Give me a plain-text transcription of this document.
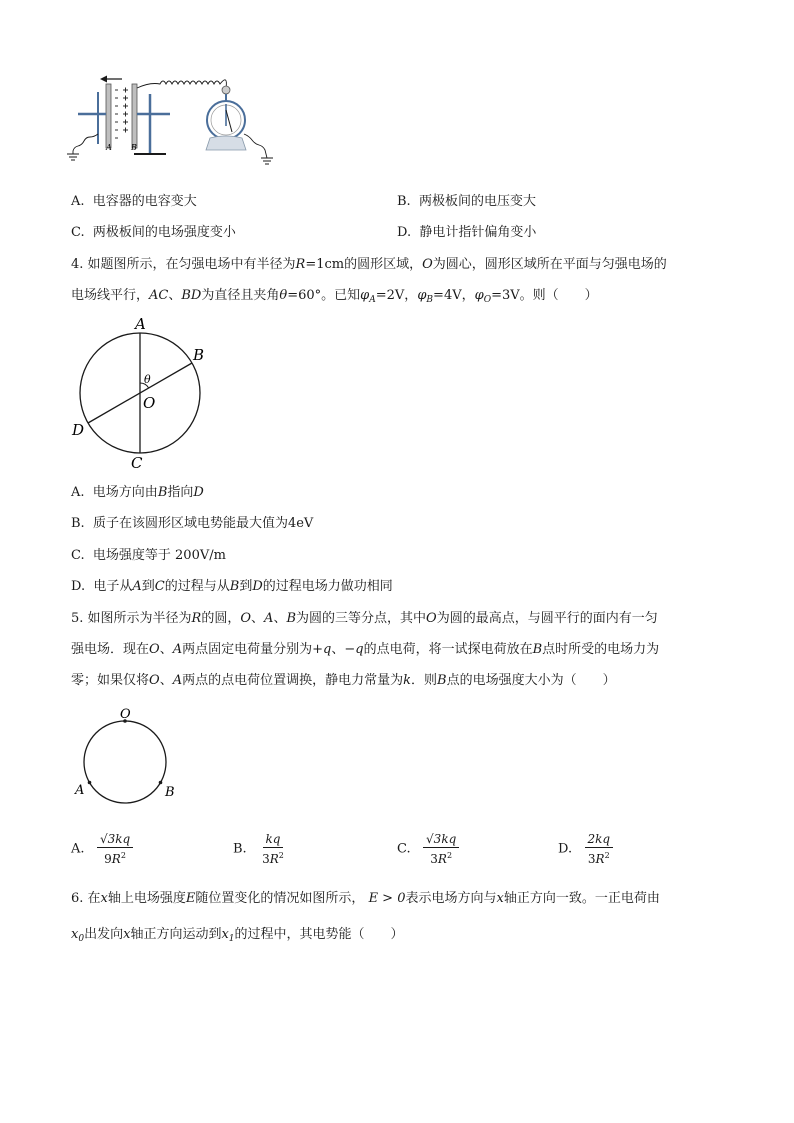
A B
A. 电容器的电容变大	B. 两极板间的电压变大
C. 两极板间的电场强度变小	D. 静电计指针偏角变小
4. 如题图所示，在匀强电场中有半径为R=1cm的圆形区域，O为圆心，圆形区域所在平面与匀强电场的
电场线平行，AC、BD为直径且夹角θ=60°。已知$\varphi_A=2V$，$\varphi_B=4V$，$\varphi_O=3V$。则（　　）
A
B
C
D
O
θ
A. 电场方向由B指向D
B. 质子在该圆形区域电势能最大值为4eV
C. 电场强度等于 200V/m
D. 电子从A到C的过程与从B到D的过程电场力做功相同
5. 如图所示为半径为R的圆，O、A、B为圆的三等分点，其中O为圆的最高点，与圆平行的面内有一匀
强电场．现在O、A两点固定电荷量分别为+q、−q的点电荷，将一试探电荷放在B点时所受的电场力为
零；如果仅将O、A两点的点电荷位置调换，静电力常量为k．则B点的电场强度大小为（　　）
O
A	B
A. $\frac{√3kq}{9R^2}$	B. $\frac{kq}{3R^2}$	C. $\frac{√3kq}{3R^2}$	D. $\frac{2kq}{3R^2}$
6. 在x轴上电场强度E随位置变化的情况如图所示， E > 0表示电场方向与x轴正方向一致。一正电荷由
$x_0$出发向x轴正方向运动到$x_1$的过程中，其电势能（　　）
